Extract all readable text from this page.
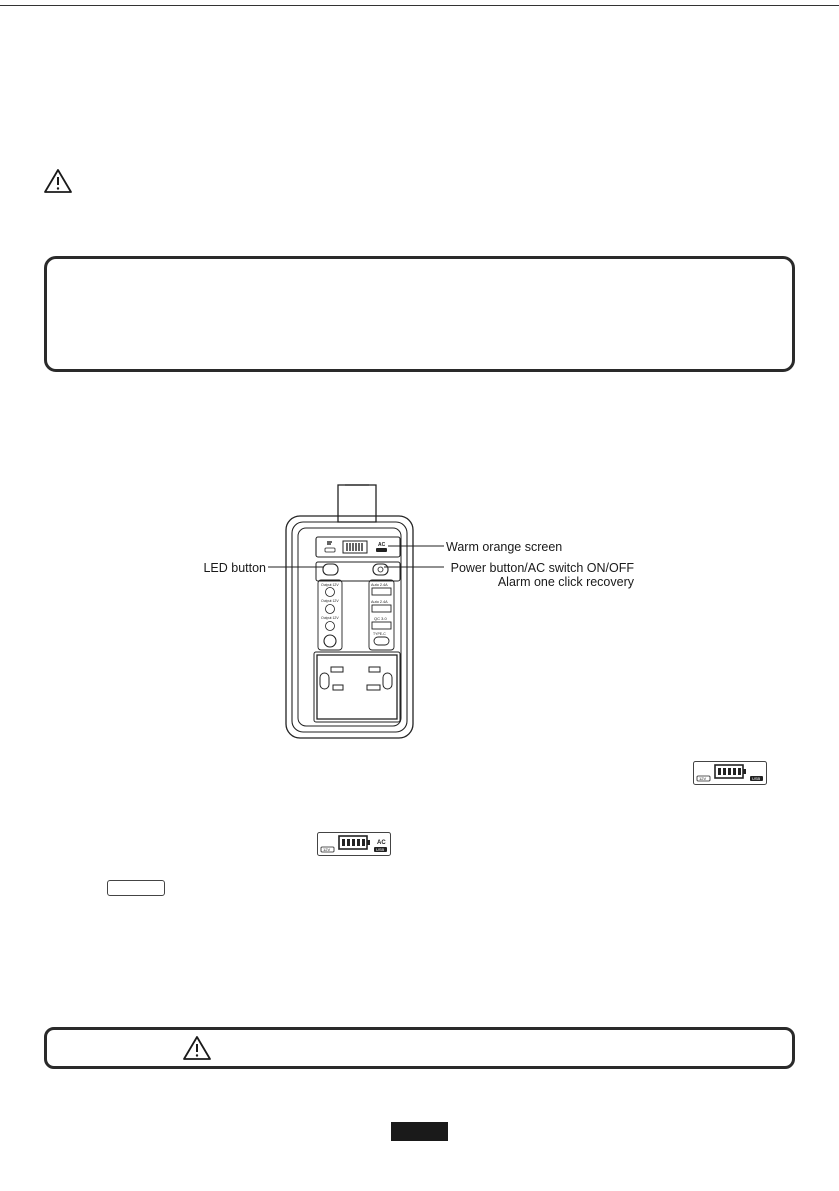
AC
Output 12V
Output 12V
Output 12V
Auto 2.4A
Auto 2.4A
QC 3.0
TYPE-C
Warm orange screen
LED button	Power button/AC switch ON/OFF
Alarm one click recovery
12V	USB
12V
AC
USB
